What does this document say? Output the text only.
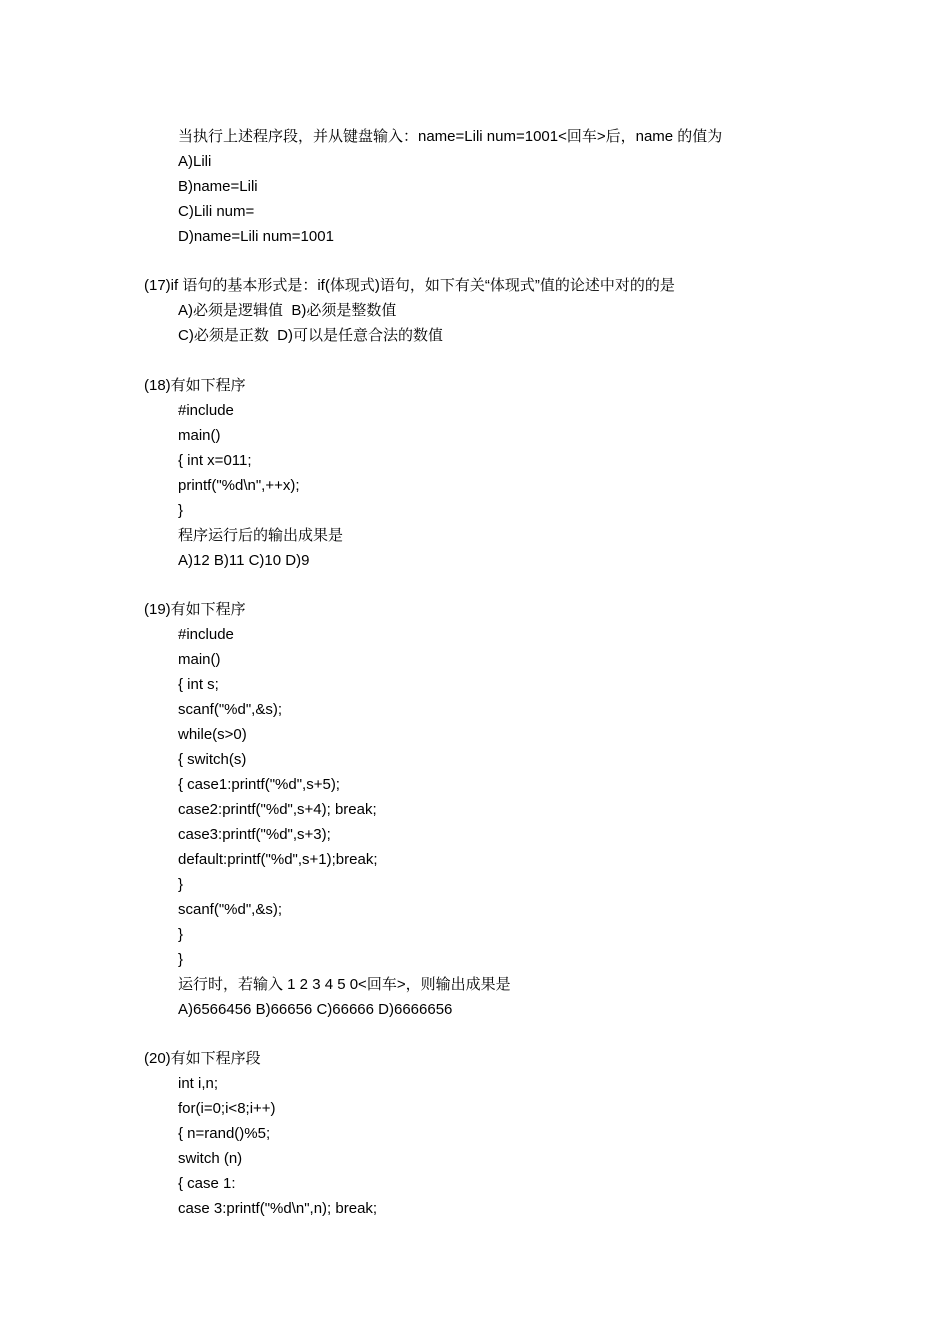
当执行上述程序段，并从键盘输入：name=Lili num=1001<回车>后，name 的值为
A)Lili
B)name=Lili
C)Lili num=
D)name=Lili num=1001
(17)if 语句的基本形式是：if(体现式)语句，如下有关“体现式”值的论述中对的的是
A)必须是逻辑值  B)必须是整数值
C)必须是正数  D)可以是任意合法的数值
(18)有如下程序
#include
main()
{ int x=011;
printf("%d\n",++x);
}
程序运行后的输出成果是
A)12 B)11 C)10 D)9
(19)有如下程序
#include
main()
{ int s;
scanf("%d",&s);
while(s>0)
{ switch(s)
{ case1:printf("%d",s+5);
case2:printf("%d",s+4); break;
case3:printf("%d",s+3);
default:printf("%d",s+1);break;
}
scanf("%d",&s);
}
}
运行时，若输入 1 2 3 4 5 0<回车>，则输出成果是
A)6566456 B)66656 C)66666 D)6666656
(20)有如下程序段
int i,n;
for(i=0;i<8;i++)
{ n=rand()%5;
switch (n)
{ case 1:
case 3:printf("%d\n",n); break;
